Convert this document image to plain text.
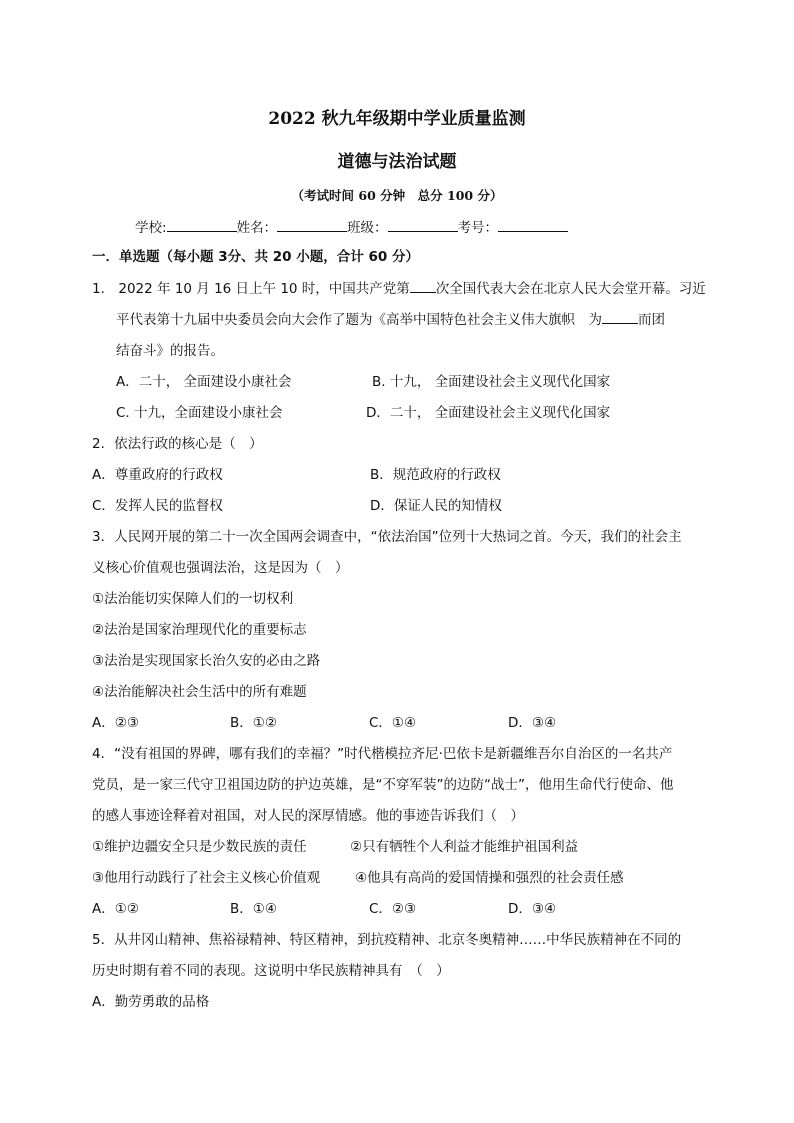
2022 秋九年级期中学业质量监测
道德与法治试题
（考试时间 60 分钟　总分 100 分）
学校:	姓名：	班级：	考号：
一．单选题（每小题 3分、共 20 小题，合计 60 分）
1.　2022 年 10 月 16 日上午 10 时，中国共产党第 次全国代表大会在北京人民大会堂开幕。习近
平代表第十九届中央委员会向大会作了题为《高举中国特色社会主义伟大旗帜　为	而团
结奋斗》的报告。
A．二十， 全面建设小康社会	B. 十九， 全面建设社会主义现代化国家
C. 十九，全面建设小康社会	D．二十， 全面建设社会主义现代化国家
2．依法行政的核心是（　）
A．尊重政府的行政权	B．规范政府的行政权
C．发挥人民的监督权	D．保证人民的知情权
3．人民网开展的第二十一次全国两会调查中，“依法治国”位列十大热词之首。今天，我们的社会主
义核心价值观也强调法治，这是因为（　）
①法治能切实保障人们的一切权利
②法治是国家治理现代化的重要标志
③法治是实现国家长治久安的必由之路
④法治能解决社会生活中的所有难题
A．②③	B．①②	C．①④	D．③④
4．“没有祖国的界碑，哪有我们的幸福？”时代楷模拉齐尼·巴依卡是新疆维吾尔自治区的一名共产
党员，是一家三代守卫祖国边防的护边英雄，是“不穿军装”的边防“战士”，他用生命代行使命、他
的感人事迹诠释着对祖国，对人民的深厚情感。他的事迹告诉我们（　）
①维护边疆安全只是少数民族的责任	②只有牺牲个人利益才能维护祖国利益
③他用行动践行了社会主义核心价值观	④他具有高尚的爱国情操和强烈的社会责任感
A．①②	B．①④	C．②③	D．③④
5．从井冈山精神、焦裕禄精神、特区精神，到抗疫精神、北京冬奥精神……中华民族精神在不同的
历史时期有着不同的表现。这说明中华民族精神具有　（　）
A．勤劳勇敢的品格
